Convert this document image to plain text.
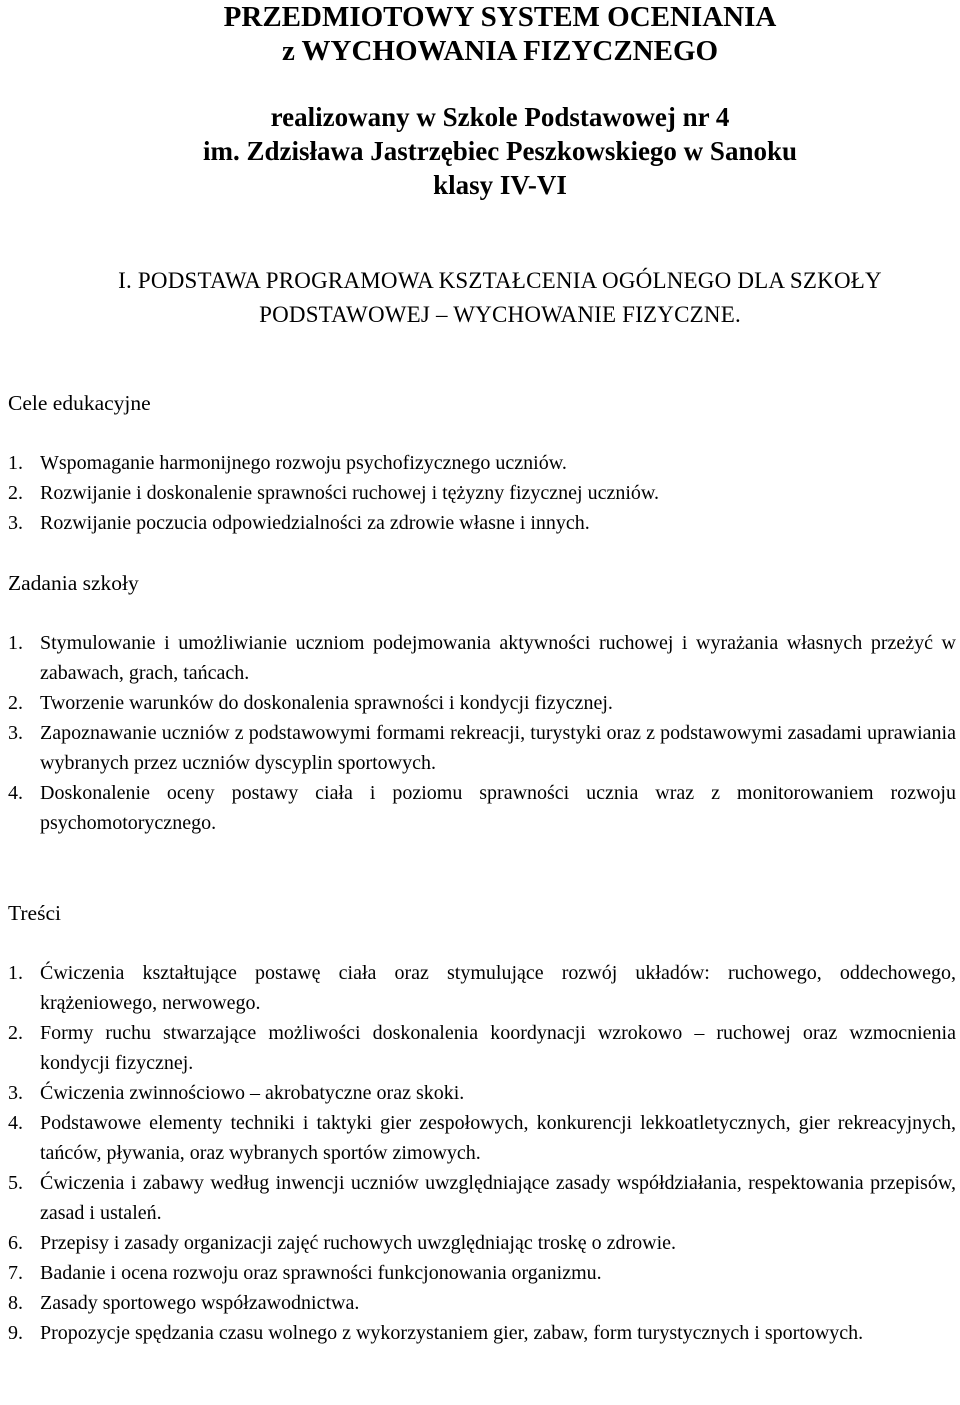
PRZEDMIOTOWY SYSTEM OCENIANIA
z WYCHOWANIA FIZYCZNEGO
realizowany w Szkole Podstawowej nr 4
im. Zdzisława Jastrzębiec Peszkowskiego w Sanoku
klasy IV-VI
I. PODSTAWA PROGRAMOWA KSZTAŁCENIA OGÓLNEGO DLA SZKOŁY
PODSTAWOWEJ – WYCHOWANIE FIZYCZNE.
Cele edukacyjne
1. Wspomaganie harmonijnego rozwoju psychofizycznego uczniów.
2. Rozwijanie i doskonalenie sprawności ruchowej i tężyzny fizycznej uczniów.
3. Rozwijanie poczucia odpowiedzialności za zdrowie własne i innych.
Zadania szkoły
1. Stymulowanie i umożliwianie uczniom podejmowania aktywności ruchowej i wyrażania własnych przeżyć w zabawach, grach, tańcach.
2. Tworzenie warunków do doskonalenia sprawności i kondycji fizycznej.
3. Zapoznawanie uczniów z podstawowymi formami rekreacji, turystyki oraz z podstawowymi zasadami uprawiania wybranych przez uczniów dyscyplin sportowych.
4. Doskonalenie oceny postawy ciała i poziomu sprawności ucznia wraz z monitorowaniem rozwoju psychomotorycznego.
Treści
1. Ćwiczenia kształtujące postawę ciała oraz stymulujące rozwój układów: ruchowego, oddechowego, krążeniowego, nerwowego.
2. Formy ruchu stwarzające możliwości doskonalenia koordynacji wzrokowo – ruchowej oraz wzmocnienia kondycji fizycznej.
3. Ćwiczenia zwinnościowo – akrobatyczne oraz skoki.
4. Podstawowe elementy techniki i taktyki gier zespołowych, konkurencji lekkoatletycznych, gier rekreacyjnych, tańców, pływania, oraz wybranych sportów zimowych.
5. Ćwiczenia i zabawy według inwencji uczniów uwzględniające zasady współdziałania, respektowania przepisów, zasad i ustaleń.
6. Przepisy i zasady organizacji zajęć ruchowych uwzględniając troskę o zdrowie.
7. Badanie i ocena rozwoju oraz sprawności funkcjonowania organizmu.
8. Zasady sportowego współzawodnictwa.
9. Propozycje spędzania czasu wolnego z wykorzystaniem gier, zabaw, form turystycznych i sportowych.
